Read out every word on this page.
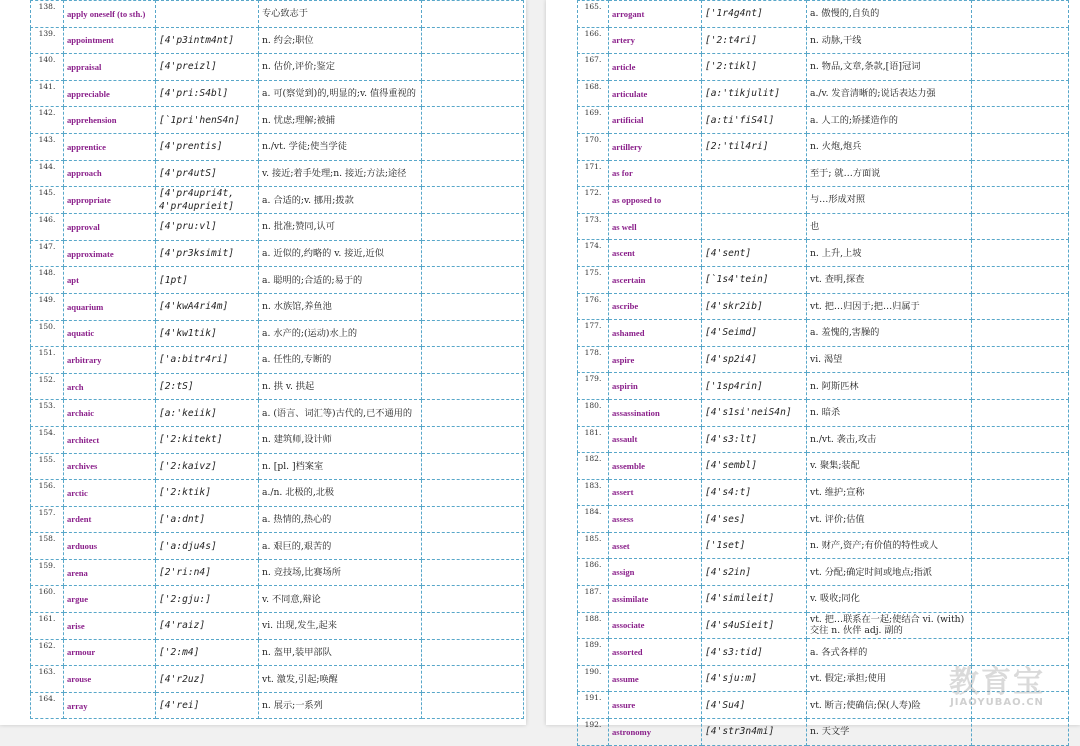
138.	apply oneself (to sth.)		专心致志于	
139.	appointment	[4'p3intm4nt]	n. 约会;职位	
140.	appraisal	[4'preizl]	n. 估价,评价;鉴定	
141.	appreciable	[4'pri:S4bl]	a. 可(察觉到)的,明显的;v. 值得重视的	
142.	apprehension	[`1pri'henS4n]	n. 忧虑;理解;被捕	
143.	apprentice	[4'prentis]	n./vt. 学徒;使当学徒	
144.	approach	[4'pr4utS]	v. 接近;着手处理;n. 接近;方法;途径	
145.	appropriate	[4'pr4upri4t, 4'pr4uprieit]	a. 合适的;v. 挪用;拨款	
146.	approval	[4'pru:vl]	n. 批准;赞同,认可	
147.	approximate	[4'pr3ksimit]	a. 近似的,约略的 v. 接近,近似	
148.	apt	[1pt]	a. 聪明的;合适的;易于的	
149.	aquarium	[4'kwA4ri4m]	n. 水族馆,养鱼池	
150.	aquatic	[4'kw1tik]	a. 水产的;(运动)水上的	
151.	arbitrary	['a:bitr4ri]	a. 任性的,专断的	
152.	arch	[2:tS]	n. 拱 v. 拱起	
153.	archaic	[a:'keiik]	a. (语言、词汇等)古代的,已不通用的	
154.	architect	['2:kitekt]	n. 建筑师,设计师	
155.	archives	['2:kaivz]	n. [pl. ]档案室	
156.	arctic	['2:ktik]	a./n. 北极的,北极	
157.	ardent	['a:dnt]	a. 热情的,热心的	
158.	arduous	['a:dju4s]	a. 艰巨的,艰苦的	
159.	arena	[2'ri:n4]	n. 竞技场,比赛场所	
160.	argue	['2:gju:]	v. 不同意,辩论	
161.	arise	[4'raiz]	vi. 出现,发生,起来	
162.	armour	['2:m4]	n. 盔甲,装甲部队	
163.	arouse	[4'r2uz]	vt. 激发,引起;唤醒	
164.	array	[4'rei]	n. 展示;一系列	
165.	arrogant	['1r4g4nt]	a. 傲慢的,自负的	
166.	artery	['2:t4ri]	n. 动脉,干线	
167.	article	['2:tikl]	n. 物品,文章,条款,[语]冠词	
168.	articulate	[a:'tikjulit]	a./v. 发音清晰的;说话表达力强	
169.	artificial	[a:ti'fiS4l]	a. 人工的;矫揉造作的	
170.	artillery	[2:'til4ri]	n. 火炮,炮兵	
171.	as for		至于; 就…方面说	
172.	as opposed to		与…形成对照	
173.	as well		也	
174.	ascent	[4'sent]	n. 上升,上坡	
175.	ascertain	[`1s4'tein]	vt. 查明,探查	
176.	ascribe	[4'skr2ib]	vt. 把…归因于;把…归属于	
177.	ashamed	[4'Seimd]	a. 羞愧的,害臊的	
178.	aspire	[4'sp2i4]	vi. 渴望	
179.	aspirin	['1sp4rin]	n. 阿斯匹林	
180.	assassination	[4's1si'neiS4n]	n. 暗杀	
181.	assault	[4's3:lt]	n./vt. 袭击,攻击	
182.	assemble	[4'sembl]	v. 聚集;装配	
183.	assert	[4's4:t]	vt. 维护;宣称	
184.	assess	[4'ses]	vt. 评价;估值	
185.	asset	['1set]	n. 财产,资产;有价值的特性或人	
186.	assign	[4's2in]	vt. 分配;确定时间或地点;指派	
187.	assimilate	[4'simileit]	v. 吸收;同化	
188.	associate	[4's4uSieit]	vt. 把…联系在一起;使结合 vi. (with)交往 n. 伙伴 adj. 副的	
189.	assorted	[4's3:tid]	a. 各式各样的	
190.	assume	[4'sju:m]	vt. 假定;承担;使用	
191.	assure	[4'Su4]	vt. 断言;使确信;保(人寿)险	
192.	astronomy	[4'str3n4mi]	n. 天文学	
教育宝
JIAOYUBAO.CN
